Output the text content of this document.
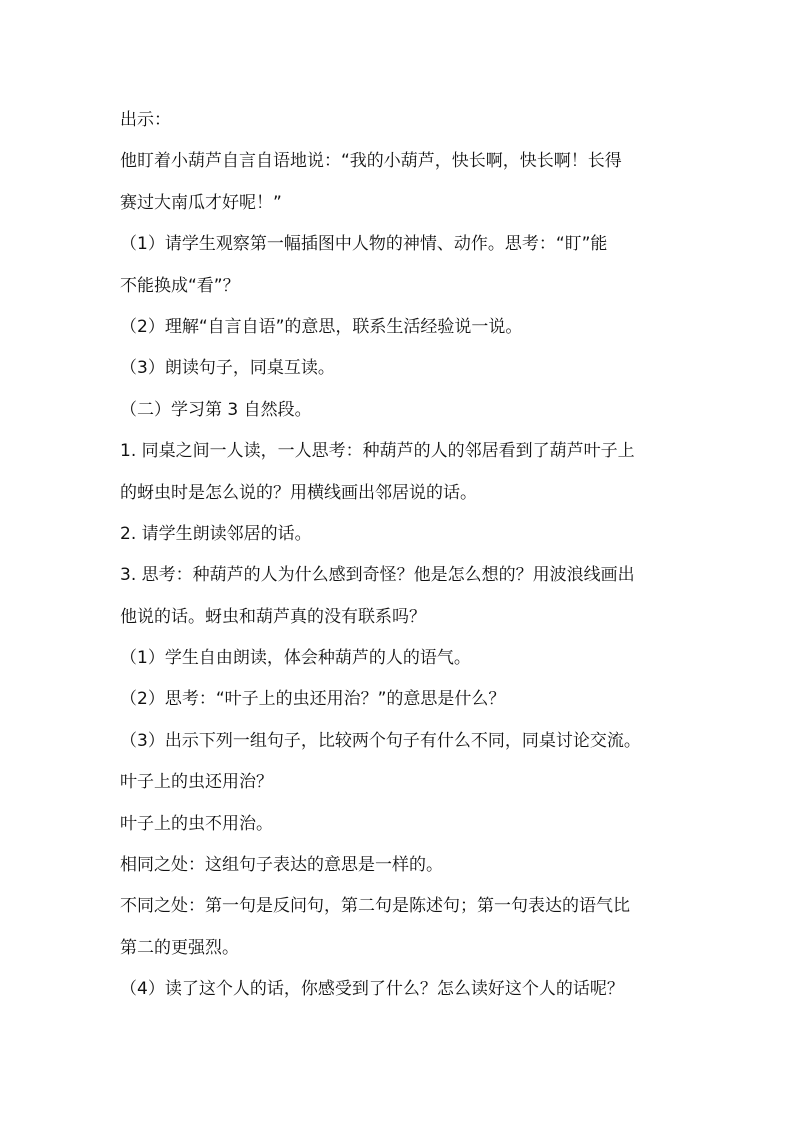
出示：
他盯着小葫芦自言自语地说：“我的小葫芦，快长啊，快长啊！长得
赛过大南瓜才好呢！”
（1）请学生观察第一幅插图中人物的神情、动作。思考：“盯”能
不能换成“看”？
（2）理解“自言自语”的意思，联系生活经验说一说。
（3）朗读句子，同桌互读。
（二）学习第 3 自然段。
1. 同桌之间一人读，一人思考：种葫芦的人的邻居看到了葫芦叶子上
的蚜虫时是怎么说的？用横线画出邻居说的话。
2. 请学生朗读邻居的话。
3. 思考：种葫芦的人为什么感到奇怪？他是怎么想的？用波浪线画出
他说的话。蚜虫和葫芦真的没有联系吗？
（1）学生自由朗读，体会种葫芦的人的语气。
（2）思考：“叶子上的虫还用治？”的意思是什么？
（3）出示下列一组句子，比较两个句子有什么不同，同桌讨论交流。
叶子上的虫还用治？
叶子上的虫不用治。
相同之处：这组句子表达的意思是一样的。
不同之处：第一句是反问句，第二句是陈述句；第一句表达的语气比
第二的更强烈。
（4）读了这个人的话，你感受到了什么？怎么读好这个人的话呢？
